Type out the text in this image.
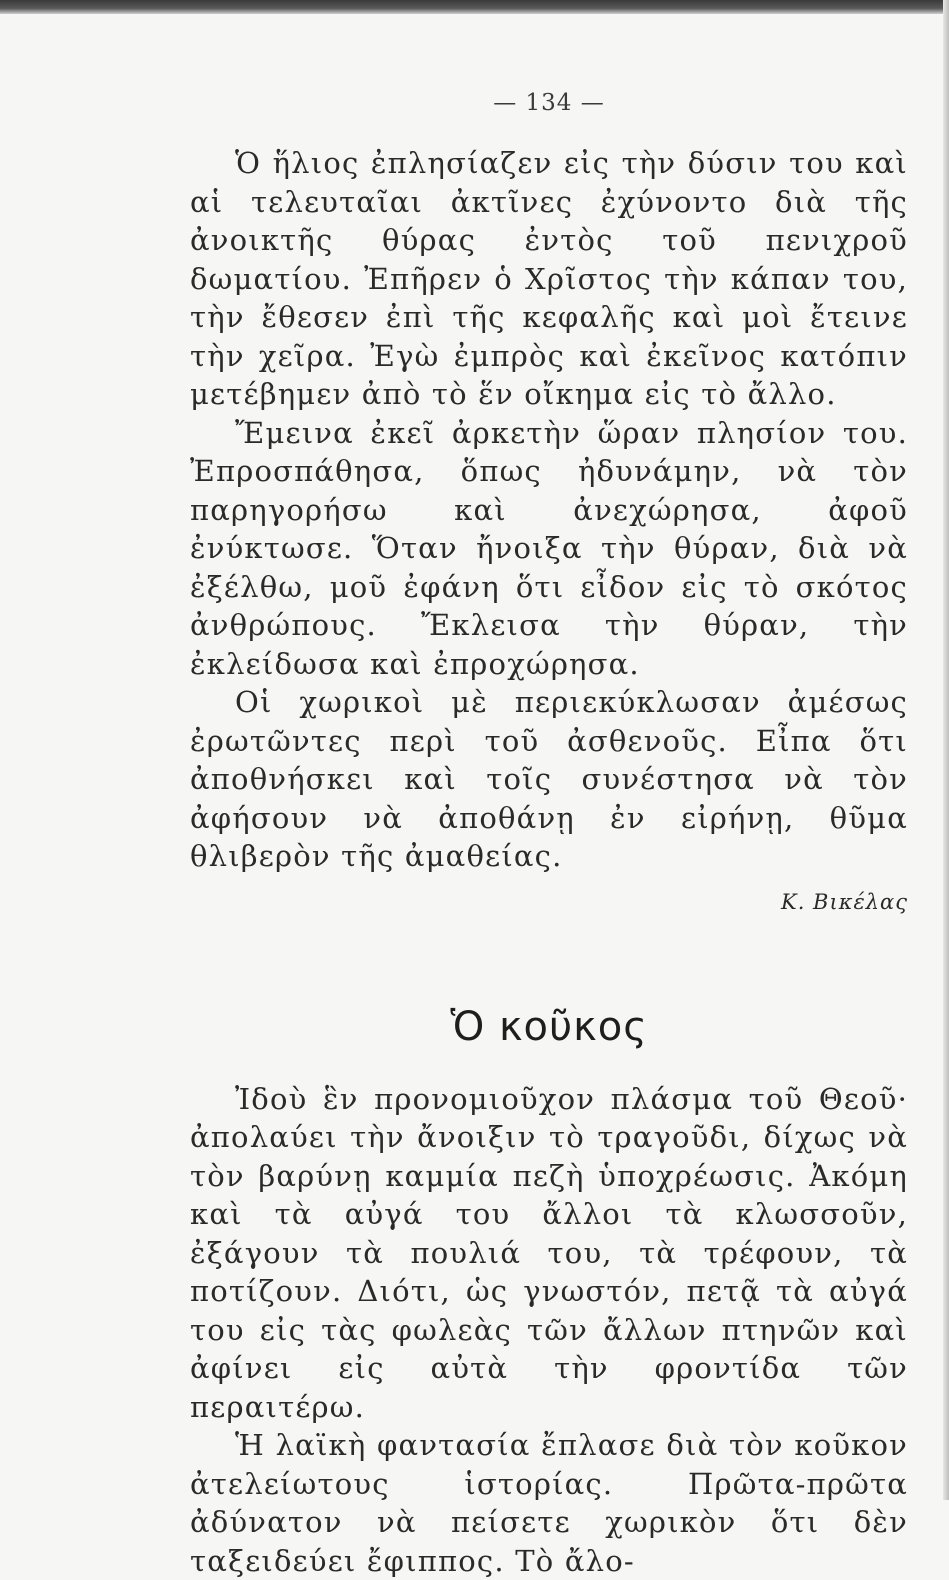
— 134 —

Ὁ ἥλιος ἐπλησίαζεν εἰς τὴν δύσιν του καὶ αἱ τελευταῖαι ἀκτῖνες ἐχύνοντο διὰ τῆς ἀνοικτῆς θύρας ἐντὸς τοῦ πενιχροῦ δωματίου. Ἐπῆρεν ὁ Χρῖστος τὴν κάπαν του, τὴν ἔθεσεν ἐπὶ τῆς κεφαλῆς καὶ μοὶ ἔτεινε τὴν χεῖρα. Ἐγὼ ἐμπρὸς καὶ ἐκεῖνος κατόπιν μετέβημεν ἀπὸ τὸ ἕν οἴκημα εἰς τὸ ἄλλο.

Ἔμεινα ἐκεῖ ἀρκετὴν ὥραν πλησίον του. Ἐπροσπάθησα, ὅπως ἠδυνάμην, νὰ τὸν παρηγορήσω καὶ ἀνεχώρησα, ἀφοῦ ἐνύκτωσε. Ὅταν ἤνοιξα τὴν θύραν, διὰ νὰ ἐξέλθω, μοῦ ἐφάνη ὅτι εἶδον εἰς τὸ σκότος ἀνθρώπους. Ἔκλεισα τὴν θύραν, τὴν ἐκλείδωσα καὶ ἐπροχώρησα.

Οἱ χωρικοὶ μὲ περιεκύκλωσαν ἀμέσως ἐρωτῶντες περὶ τοῦ ἀσθενοῦς. Εἶπα ὅτι ἀποθνήσκει καὶ τοῖς συνέστησα νὰ τὸν ἀφήσουν νὰ ἀποθάνῃ ἐν εἰρήνῃ, θῦμα θλιβερὸν τῆς ἀμαθείας.

Κ. Βικέλας
Ὁ κοῦκος

Ἰδοὺ ἓν προνομιοῦχον πλάσμα τοῦ Θεοῦ· ἀπολαύει τὴν ἄνοιξιν τὸ τραγοῦδι, δίχως νὰ τὸν βαρύνῃ καμμία πεζὴ ὑποχρέωσις. Ἀκόμη καὶ τὰ αὐγά του ἄλλοι τὰ κλωσσοῦν, ἐξάγουν τὰ πουλιά του, τὰ τρέφουν, τὰ ποτίζουν. Διότι, ὡς γνωστόν, πετᾷ τὰ αὐγά του εἰς τὰς φωλεὰς τῶν ἄλλων πτηνῶν καὶ ἀφίνει εἰς αὐτὰ τὴν φροντίδα τῶν περαιτέρω.

Ἡ λαϊκὴ φαντασία ἔπλασε διὰ τὸν κοῦκον ἀτελείωτους ἱστορίας. Πρῶτα-πρῶτα ἀδύνατον νὰ πείσετε χωρικὸν ὅτι δὲν ταξειδεύει ἔφιππος. Τὸ ἄλο-
